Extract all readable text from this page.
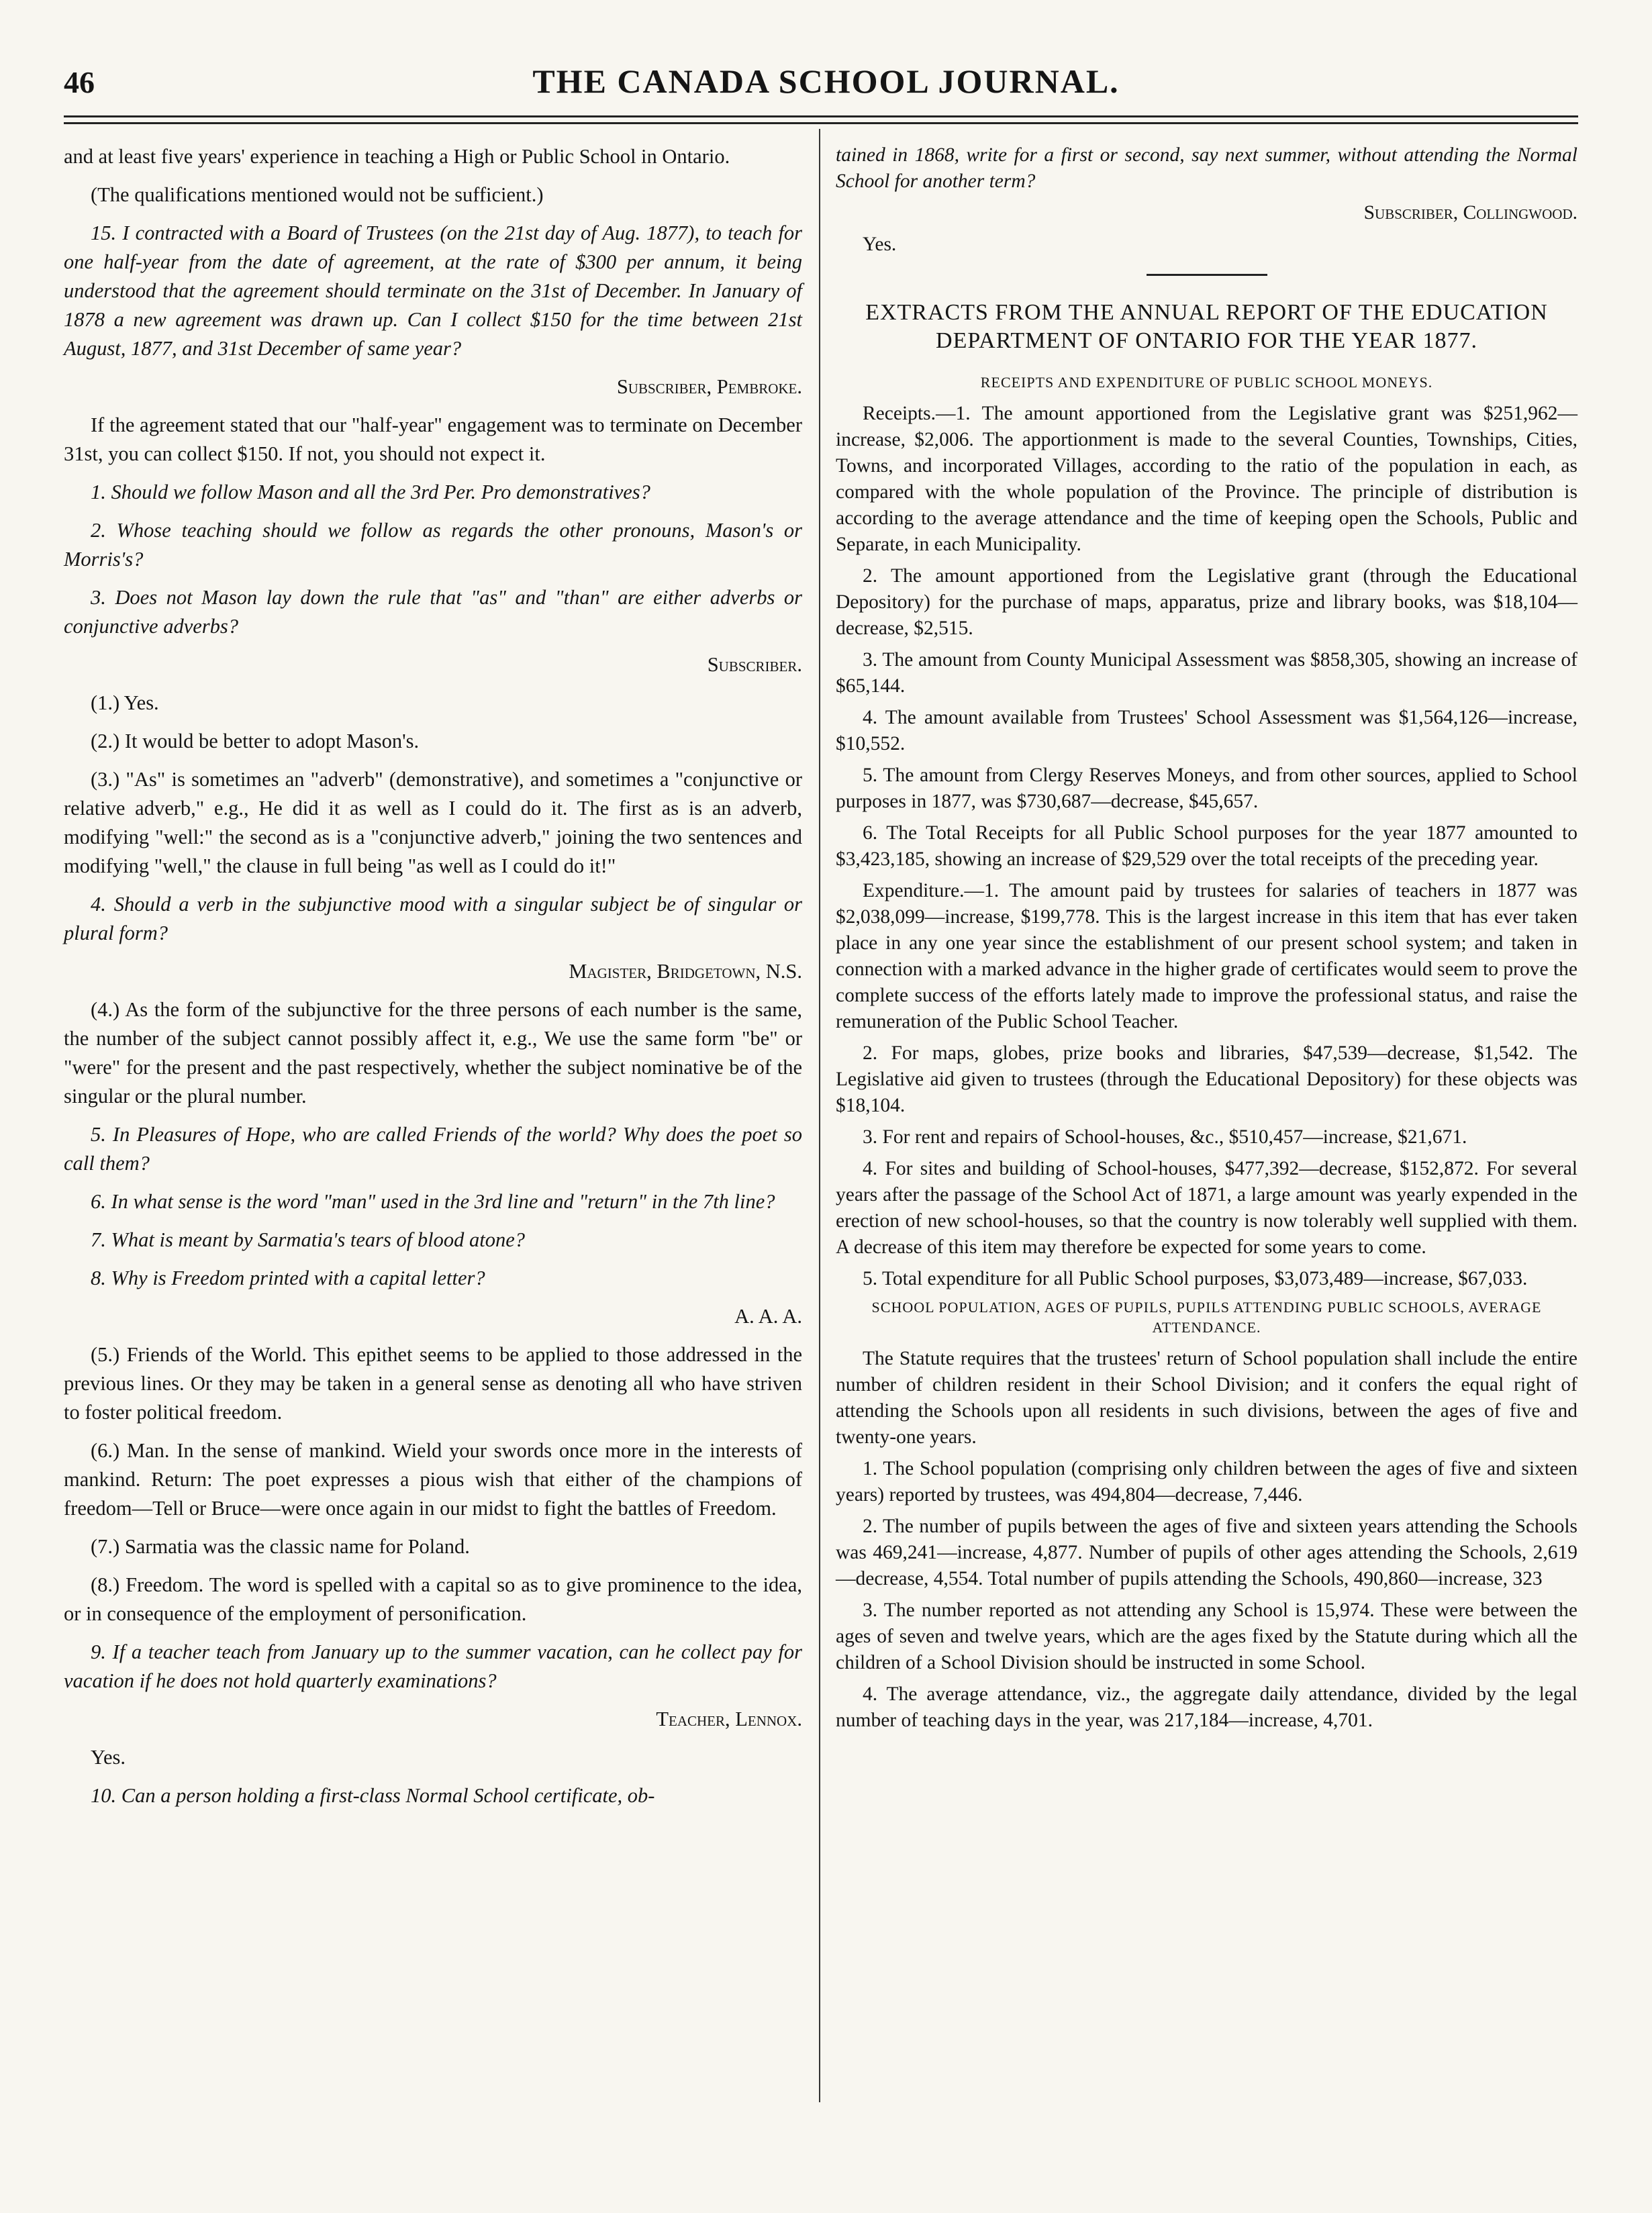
46	THE CANADA SCHOOL JOURNAL.

and at least five years' experience in teaching a High or Public School in Ontario.

(The qualifications mentioned would not be sufficient.)

15. I contracted with a Board of Trustees (on the 21st day of Aug. 1877), to teach for one half-year from the date of agreement, at the rate of $300 per annum, it being understood that the agreement should terminate on the 31st of December. In January of 1878 a new agreement was drawn up. Can I collect $150 for the time between 21st August, 1877, and 31st December of same year?

Subscriber, Pembroke.

If the agreement stated that our "half-year" engagement was to terminate on December 31st, you can collect $150. If not, you should not expect it.

1. Should we follow Mason and all the 3rd Per. Pro demonstratives?

2. Whose teaching should we follow as regards the other pronouns, Mason's or Morris's?

3. Does not Mason lay down the rule that "as" and "than" are either adverbs or conjunctive adverbs?

Subscriber.

(1.) Yes.

(2.) It would be better to adopt Mason's.

(3.) "As" is sometimes an "adverb" (demonstrative), and sometimes a "conjunctive or relative adverb," e.g., He did it as well as I could do it. The first as is an adverb, modifying "well:" the second as is a "conjunctive adverb," joining the two sentences and modifying "well," the clause in full being "as well as I could do it!"

4. Should a verb in the subjunctive mood with a singular subject be of singular or plural form?

Magister, Bridgetown, N.S.

(4.) As the form of the subjunctive for the three persons of each number is the same, the number of the subject cannot possibly affect it, e.g., We use the same form "be" or "were" for the present and the past respectively, whether the subject nominative be of the singular or the plural number.

5. In Pleasures of Hope, who are called Friends of the world? Why does the poet so call them?

6. In what sense is the word "man" used in the 3rd line and "return" in the 7th line?

7. What is meant by Sarmatia's tears of blood atone?

8. Why is Freedom printed with a capital letter?

A. A. A.

(5.) Friends of the World. This epithet seems to be applied to those addressed in the previous lines. Or they may be taken in a general sense as denoting all who have striven to foster political freedom.

(6.) Man. In the sense of mankind. Wield your swords once more in the interests of mankind. Return: The poet expresses a pious wish that either of the champions of freedom—Tell or Bruce—were once again in our midst to fight the battles of Freedom.

(7.) Sarmatia was the classic name for Poland.

(8.) Freedom. The word is spelled with a capital so as to give prominence to the idea, or in consequence of the employment of personification.

9. If a teacher teach from January up to the summer vacation, can he collect pay for vacation if he does not hold quarterly examinations?

Teacher, Lennox.

Yes.

10. Can a person holding a first-class Normal School certificate, ob-

tained in 1868, write for a first or second, say next summer, without attending the Normal School for another term?

Subscriber, Collingwood.

Yes.

EXTRACTS FROM THE ANNUAL REPORT OF THE EDUCATION DEPARTMENT OF ONTARIO FOR THE YEAR 1877.
RECEIPTS AND EXPENDITURE OF PUBLIC SCHOOL MONEYS.

Receipts.—1. The amount apportioned from the Legislative grant was $251,962—increase, $2,006. The apportionment is made to the several Counties, Townships, Cities, Towns, and incorporated Villages, according to the ratio of the population in each, as compared with the whole population of the Province. The principle of distribution is according to the average attendance and the time of keeping open the Schools, Public and Separate, in each Municipality.

2. The amount apportioned from the Legislative grant (through the Educational Depository) for the purchase of maps, apparatus, prize and library books, was $18,104—decrease, $2,515.

3. The amount from County Municipal Assessment was $858,305, showing an increase of $65,144.

4. The amount available from Trustees' School Assessment was $1,564,126—increase, $10,552.

5. The amount from Clergy Reserves Moneys, and from other sources, applied to School purposes in 1877, was $730,687—decrease, $45,657.

6. The Total Receipts for all Public School purposes for the year 1877 amounted to $3,423,185, showing an increase of $29,529 over the total receipts of the preceding year.

Expenditure.—1. The amount paid by trustees for salaries of teachers in 1877 was $2,038,099—increase, $199,778. This is the largest increase in this item that has ever taken place in any one year since the establishment of our present school system; and taken in connection with a marked advance in the higher grade of certificates would seem to prove the complete success of the efforts lately made to improve the professional status, and raise the remuneration of the Public School Teacher.

2. For maps, globes, prize books and libraries, $47,539—decrease, $1,542. The Legislative aid given to trustees (through the Educational Depository) for these objects was $18,104.

3. For rent and repairs of School-houses, &c., $510,457—increase, $21,671.

4. For sites and building of School-houses, $477,392—decrease, $152,872. For several years after the passage of the School Act of 1871, a large amount was yearly expended in the erection of new school-houses, so that the country is now tolerably well supplied with them. A decrease of this item may therefore be expected for some years to come.

5. Total expenditure for all Public School purposes, $3,073,489—increase, $67,033.

SCHOOL POPULATION, AGES OF PUPILS, PUPILS ATTENDING PUBLIC SCHOOLS, AVERAGE ATTENDANCE.

The Statute requires that the trustees' return of School population shall include the entire number of children resident in their School Division; and it confers the equal right of attending the Schools upon all residents in such divisions, between the ages of five and twenty-one years.

1. The School population (comprising only children between the ages of five and sixteen years) reported by trustees, was 494,804—decrease, 7,446.

2. The number of pupils between the ages of five and sixteen years attending the Schools was 469,241—increase, 4,877. Number of pupils of other ages attending the Schools, 2,619—decrease, 4,554. Total number of pupils attending the Schools, 490,860—increase, 323

3. The number reported as not attending any School is 15,974. These were between the ages of seven and twelve years, which are the ages fixed by the Statute during which all the children of a School Division should be instructed in some School.

4. The average attendance, viz., the aggregate daily attendance, divided by the legal number of teaching days in the year, was 217,184—increase, 4,701.
